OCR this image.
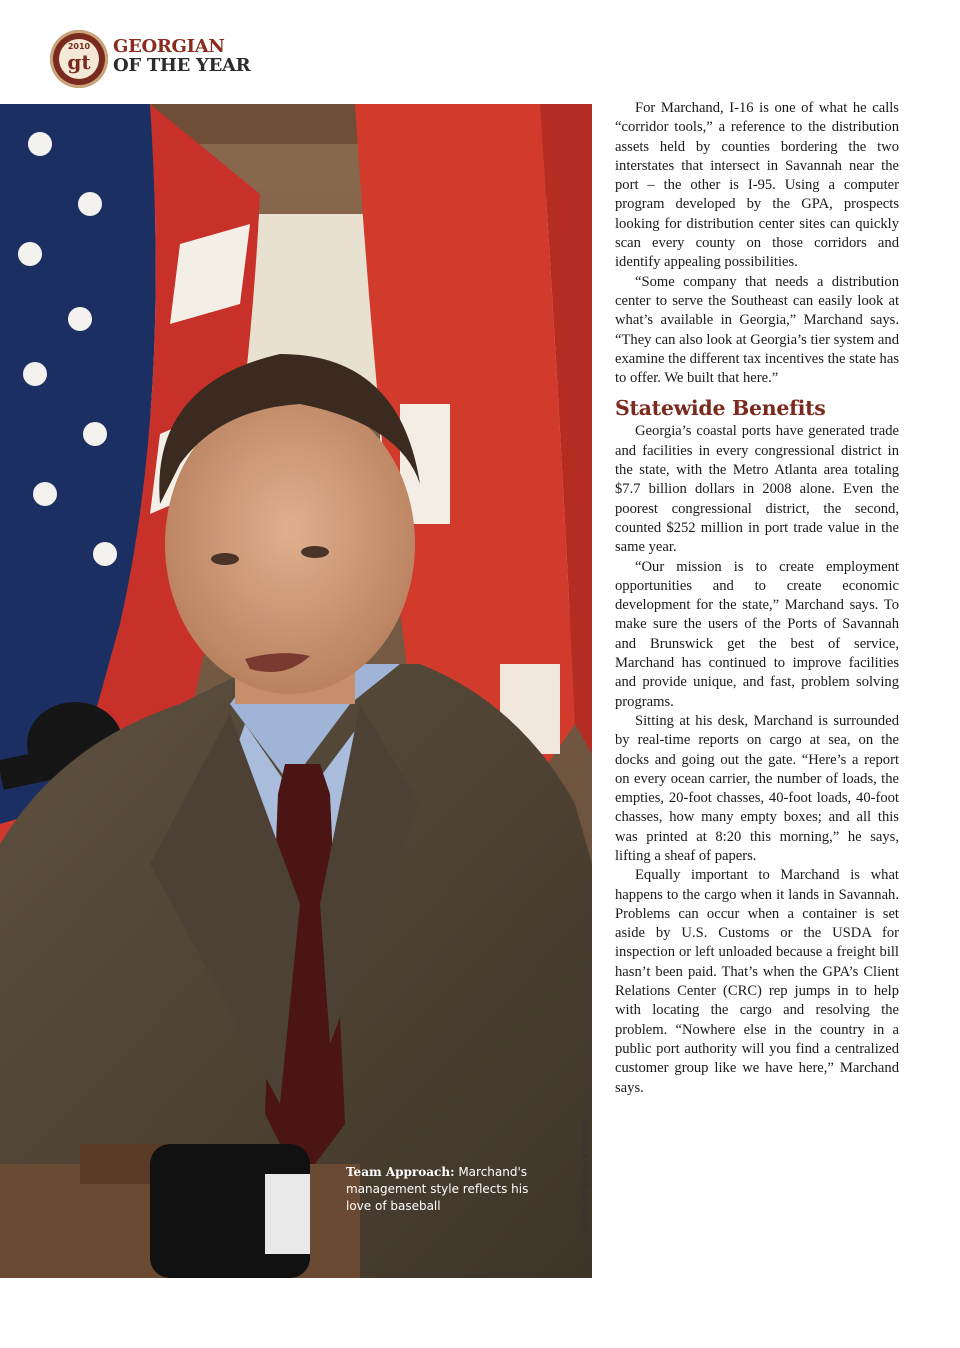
2010
gt
GEORGIAN
OF THE YEAR
Team Approach: Marchand's management style reflects his love of baseball
22 | JANUARY 2010 | GeorgiaTrend

For Marchand, I-16 is one of what he calls “corridor tools,” a reference to the distribution assets held by counties bordering the two interstates that intersect in Savannah near the port – the other is I-95. Using a computer program developed by the GPA, prospects looking for distribution center sites can quickly scan every county on those corridors and identify appealing possibilities.

“Some company that needs a distribution center to serve the Southeast can easily look at what’s available in Georgia,” Marchand says. “They can also look at Georgia’s tier system and examine the different tax incentives the state has to offer. We built that here.”

Statewide Benefits

Georgia’s coastal ports have generated trade and facilities in every congressional district in the state, with the Metro Atlanta area totaling $7.7 billion dollars in 2008 alone. Even the poorest congressional district, the second, counted $252 million in port trade value in the same year.

“Our mission is to create employment opportunities and to create economic development for the state,” Marchand says. To make sure the users of the Ports of Savannah and Brunswick get the best of service, Marchand has continued to improve facilities and provide unique, and fast, problem solving programs.

Sitting at his desk, Marchand is surrounded by real-time reports on cargo at sea, on the docks and going out the gate. “Here’s a report on every ocean carrier, the number of loads, the empties, 20-foot chasses, 40-foot loads, 40-foot chasses, how many empty boxes; and all this was printed at 8:20 this morning,” he says, lifting a sheaf of papers.

Equally important to Marchand is what happens to the cargo when it lands in Savannah. Problems can occur when a container is set aside by U.S. Customs or the USDA for inspection or left unloaded because a freight bill hasn’t been paid. That’s when the GPA’s Client Relations Center (CRC) rep jumps in to help with locating the cargo and resolving the problem. “Nowhere else in the country in a public port authority will you find a centralized customer group like we have here,” Marchand says.
